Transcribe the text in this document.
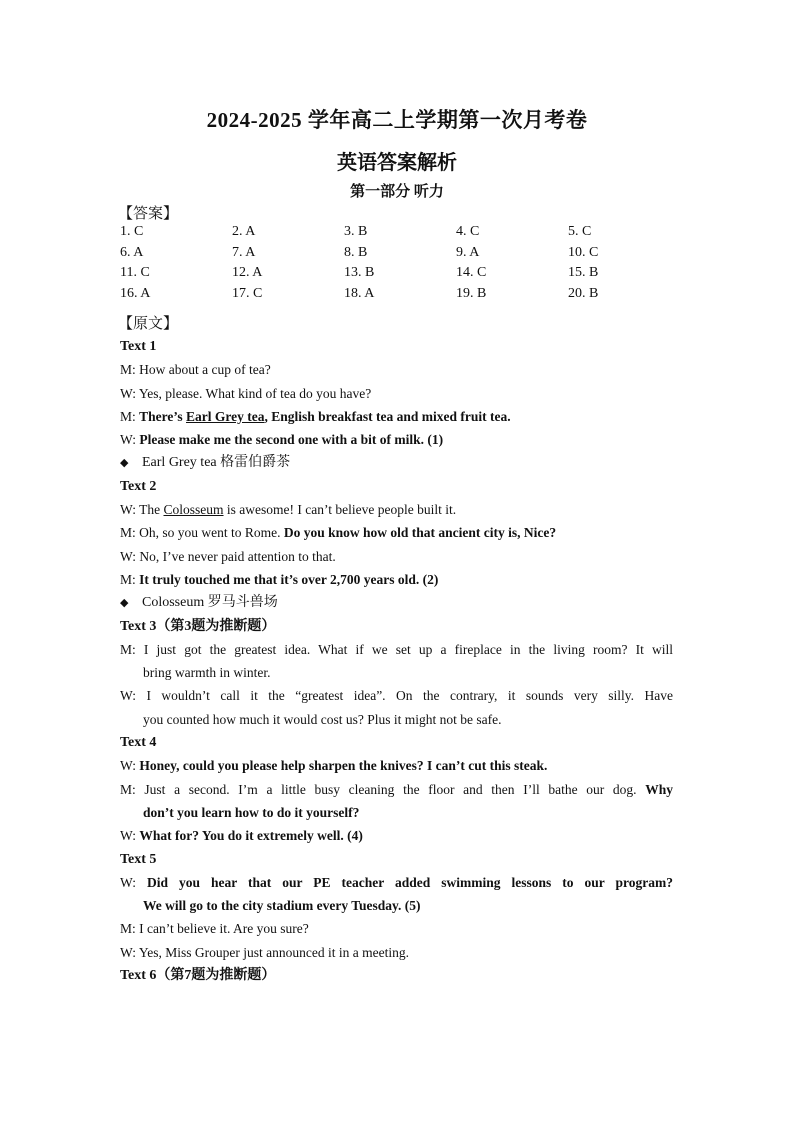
2024-2025 学年高二上学期第一次月考卷
英语答案解析
第一部分 听力
【答案】
1. C	2. A	3. B	4. C	5. C
6. A	7. A	8. B	9. A	10. C
11. C	12. A	13. B	14. C	15. B
16. A	17. C	18. A	19. B	20. B
【原文】
Text 1
M: How about a cup of tea?
W: Yes, please. What kind of tea do you have?
M: There’s Earl Grey tea, English breakfast tea and mixed fruit tea.
W: Please make me the second one with a bit of milk. (1)
◆ Earl Grey tea 格雷伯爵茶
Text 2
W: The Colosseum is awesome! I can’t believe people built it.
M: Oh, so you went to Rome. Do you know how old that ancient city is, Nice?
W: No, I’ve never paid attention to that.
M: It truly touched me that it’s over 2,700 years old. (2)
◆ Colosseum 罗马斗兽场
Text 3（第3题为推断题）
M: I just got the greatest idea. What if we set up a fireplace in the living room? It will
bring warmth in winter.
W: I wouldn’t call it the “greatest idea”. On the contrary, it sounds very silly. Have
you counted how much it would cost us? Plus it might not be safe.
Text 4
W: Honey, could you please help sharpen the knives? I can’t cut this steak.
M: Just a second. I’m a little busy cleaning the floor and then I’ll bathe our dog. Why
don’t you learn how to do it yourself?
W: What for? You do it extremely well. (4)
Text 5
W: Did you hear that our PE teacher added swimming lessons to our program?
We will go to the city stadium every Tuesday. (5)
M: I can’t believe it. Are you sure?
W: Yes, Miss Grouper just announced it in a meeting.
Text 6（第7题为推断题）
